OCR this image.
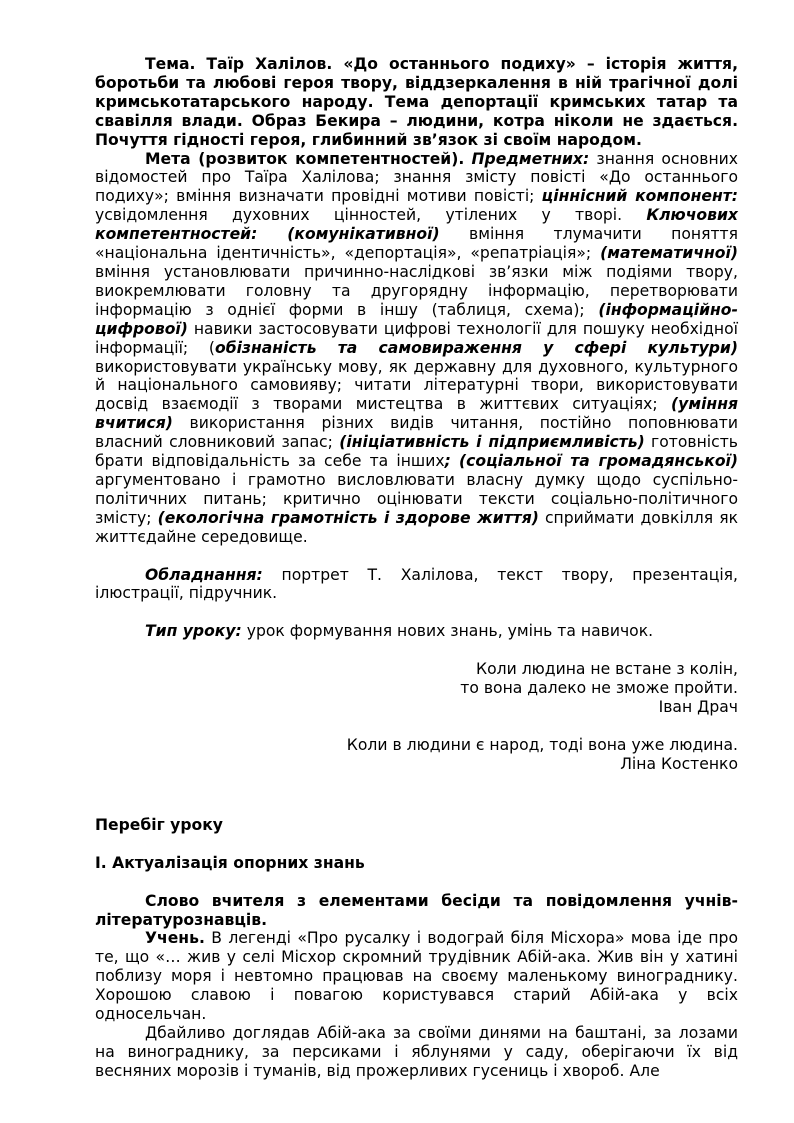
Тема. Таїр Халілов. «До останнього подиху» – історія життя, боротьби та любові героя твору, віддзеркалення в ній трагічної долі кримськотатарського народу. Тема депортації кримських татар та свавілля влади. Образ Бекира – людини, котра ніколи не здається. Почуття гідності героя, глибинний зв’язок зі своїм народом.

Мета (розвиток компетентностей). Предметних: знання основних відомостей про Таїра Халілова; знання змісту повісті «До останнього подиху»; вміння визначати провідні мотиви повісті; ціннісний компонент: усвідомлення духовних цінностей, утілених у творі. Ключових компетентностей: (комунікативної) вміння тлумачити поняття «національна ідентичність», «депортація», «репатріація»; (математичної) вміння установлювати причинно-наслідкові зв’язки між подіями твору, виокремлювати головну та другорядну інформацію, перетворювати інформацію з однієї форми в іншу (таблиця, схема); (інформаційно-цифрової) навики застосовувати цифрові технології для пошуку необхідної інформації; (обізнаність та самовираження у сфері культури) використовувати українську мову, як державну для духовного, культурного й національного самовияву; читати літературні твори, використовувати досвід взаємодії з творами мистецтва в життєвих ситуаціях; (уміння вчитися) використання різних видів читання, постійно поповнювати власний словниковий запас; (ініціативність і підприємливість) готовність брати відповідальність за себе та інших; (соціальної та громадянської) аргументовано і грамотно висловлювати власну думку щодо суспільно-політичних питань; критично оцінювати тексти соціально-політичного змісту; (екологічна грамотність і здорове життя) сприймати довкілля як життєдайне середовище.

Обладнання: портрет Т. Халілова, текст твору, презентація, ілюстрації, підручник.

Тип уроку: урок формування нових знань, умінь та навичок.

Коли людина не встане з колін,

то вона далеко не зможе пройти.

Іван Драч

Коли в людини є народ, тоді вона уже людина.

Ліна Костенко

Перебіг уроку

І. Актуалізація опорних знань

Слово вчителя з елементами бесіди та повідомлення учнів-літературознавців.

Учень. В легенді «Про русалку і водограй біля Місхора» мова іде про те, що «… жив у селі Місхор скромний трудівник Абій-ака. Жив він у хатині поблизу моря і невтомно працював на своєму маленькому винограднику. Хорошою славою і повагою користувався старий Абій-ака у всіх односельчан.

Дбайливо доглядав Абій-ака за своїми динями на баштані, за лозами на винограднику, за персиками і яблунями у саду, оберігаючи їх від весняних морозів і туманів, від прожерливих гусениць і хвороб. Але
